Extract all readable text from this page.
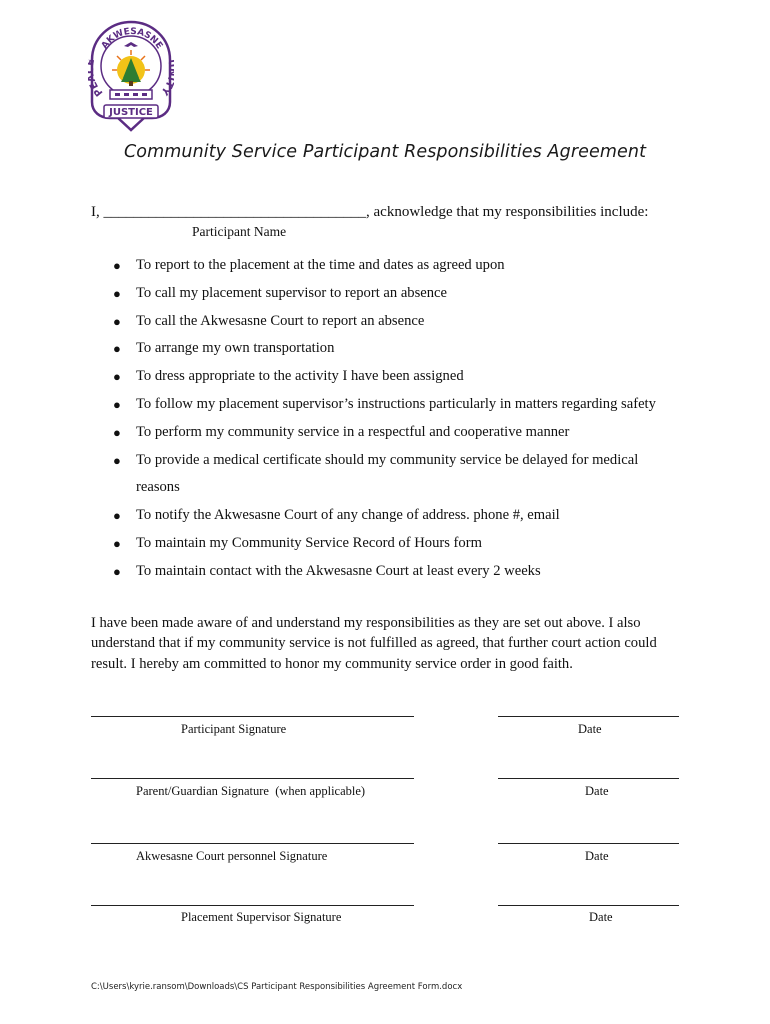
AKWESASNE
PE	TY
JUSTICE
Community Service Participant Responsibilities Agreement
I, ___________________________________, acknowledge that my responsibilities include:
Participant Name
● To report to the placement at the time and dates as agreed upon
● To call my placement supervisor to report an absence
● To call the Akwesasne Court to report an absence
● To arrange my own transportation
● To dress appropriate to the activity I have been assigned
● To follow my placement supervisor’s instructions particularly in matters regarding safety
● To perform my community service in a respectful and cooperative manner
● To provide a medical certificate should my community service be delayed for medical
reasons
● To notify the Akwesasne Court of any change of address. phone #, email
● To maintain my Community Service Record of Hours form
● To maintain contact with the Akwesasne Court at least every 2 weeks
I have been made aware of and understand my responsibilities as they are set out above. I also understand that if my community service is not fulfilled as agreed, that further court action could result. I hereby am committed to honor my community service order in good faith.
Participant Signature	Date
Parent/Guardian Signature  (when applicable)	Date
Akwesasne Court personnel Signature	Date
Placement Supervisor Signature	Date
C:\Users\kyrie.ransom\Downloads\CS Participant Responsibilities Agreement Form.docx
